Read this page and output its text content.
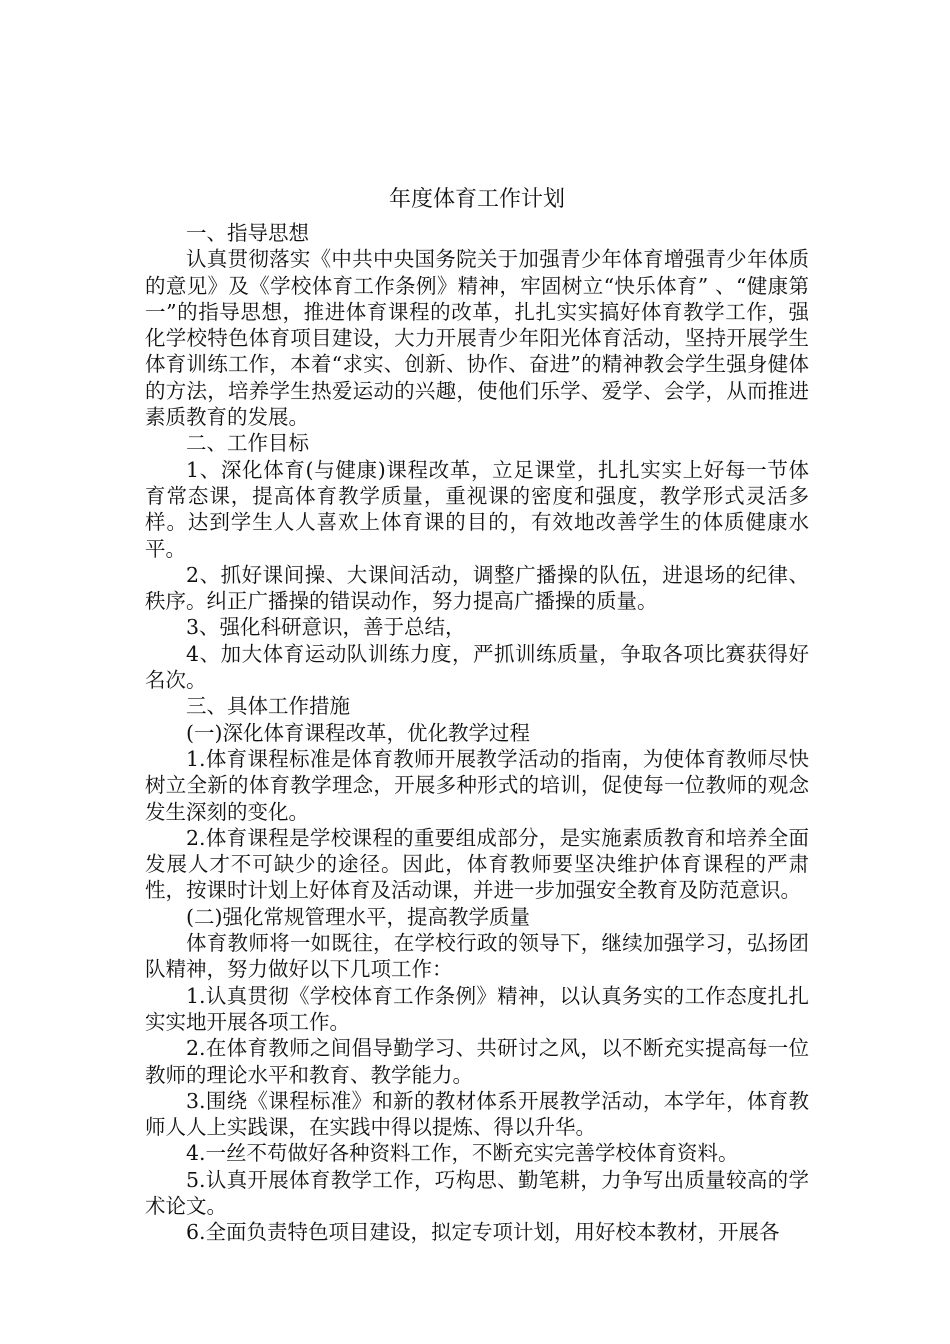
年度体育工作计划

一、指导思想

认真贯彻落实《中共中央国务院关于加强青少年体育增强青少年体质的意见》及《学校体育工作条例》精神，牢固树立“快乐体育” 、“健康第一”的指导思想，推进体育课程的改革，扎扎实实搞好体育教学工作，强化学校特色体育项目建设，大力开展青少年阳光体育活动，坚持开展学生体育训练工作，本着“求实、创新、协作、奋进”的精神教会学生强身健体的方法，培养学生热爱运动的兴趣，使他们乐学、爱学、会学，从而推进素质教育的发展。

二、工作目标

1、深化体育(与健康)课程改革，立足课堂，扎扎实实上好每一节体育常态课，提高体育教学质量，重视课的密度和强度，教学形式灵活多样。达到学生人人喜欢上体育课的目的，有效地改善学生的体质健康水平。

2、抓好课间操、大课间活动，调整广播操的队伍，进退场的纪律、秩序。纠正广播操的错误动作，努力提高广播操的质量。

3、强化科研意识，善于总结，

4、加大体育运动队训练力度，严抓训练质量，争取各项比赛获得好名次。

三、具体工作措施

(一)深化体育课程改革，优化教学过程

1.体育课程标准是体育教师开展教学活动的指南，为使体育教师尽快树立全新的体育教学理念，开展多种形式的培训，促使每一位教师的观念发生深刻的变化。

2.体育课程是学校课程的重要组成部分，是实施素质教育和培养全面发展人才不可缺少的途径。因此，体育教师要坚决维护体育课程的严肃性，按课时计划上好体育及活动课，并进一步加强安全教育及防范意识。

(二)强化常规管理水平，提高教学质量

体育教师将一如既往，在学校行政的领导下，继续加强学习，弘扬团队精神，努力做好以下几项工作：

1.认真贯彻《学校体育工作条例》精神，以认真务实的工作态度扎扎实实地开展各项工作。

2.在体育教师之间倡导勤学习、共研讨之风，以不断充实提高每一位教师的理论水平和教育、教学能力。

3.围绕《课程标准》和新的教材体系开展教学活动，本学年，体育教师人人上实践课，在实践中得以提炼、得以升华。

4.一丝不苟做好各种资料工作，不断充实完善学校体育资料。

5.认真开展体育教学工作，巧构思、勤笔耕，力争写出质量较高的学术论文。

6.全面负责特色项目建设，拟定专项计划，用好校本教材，开展各
